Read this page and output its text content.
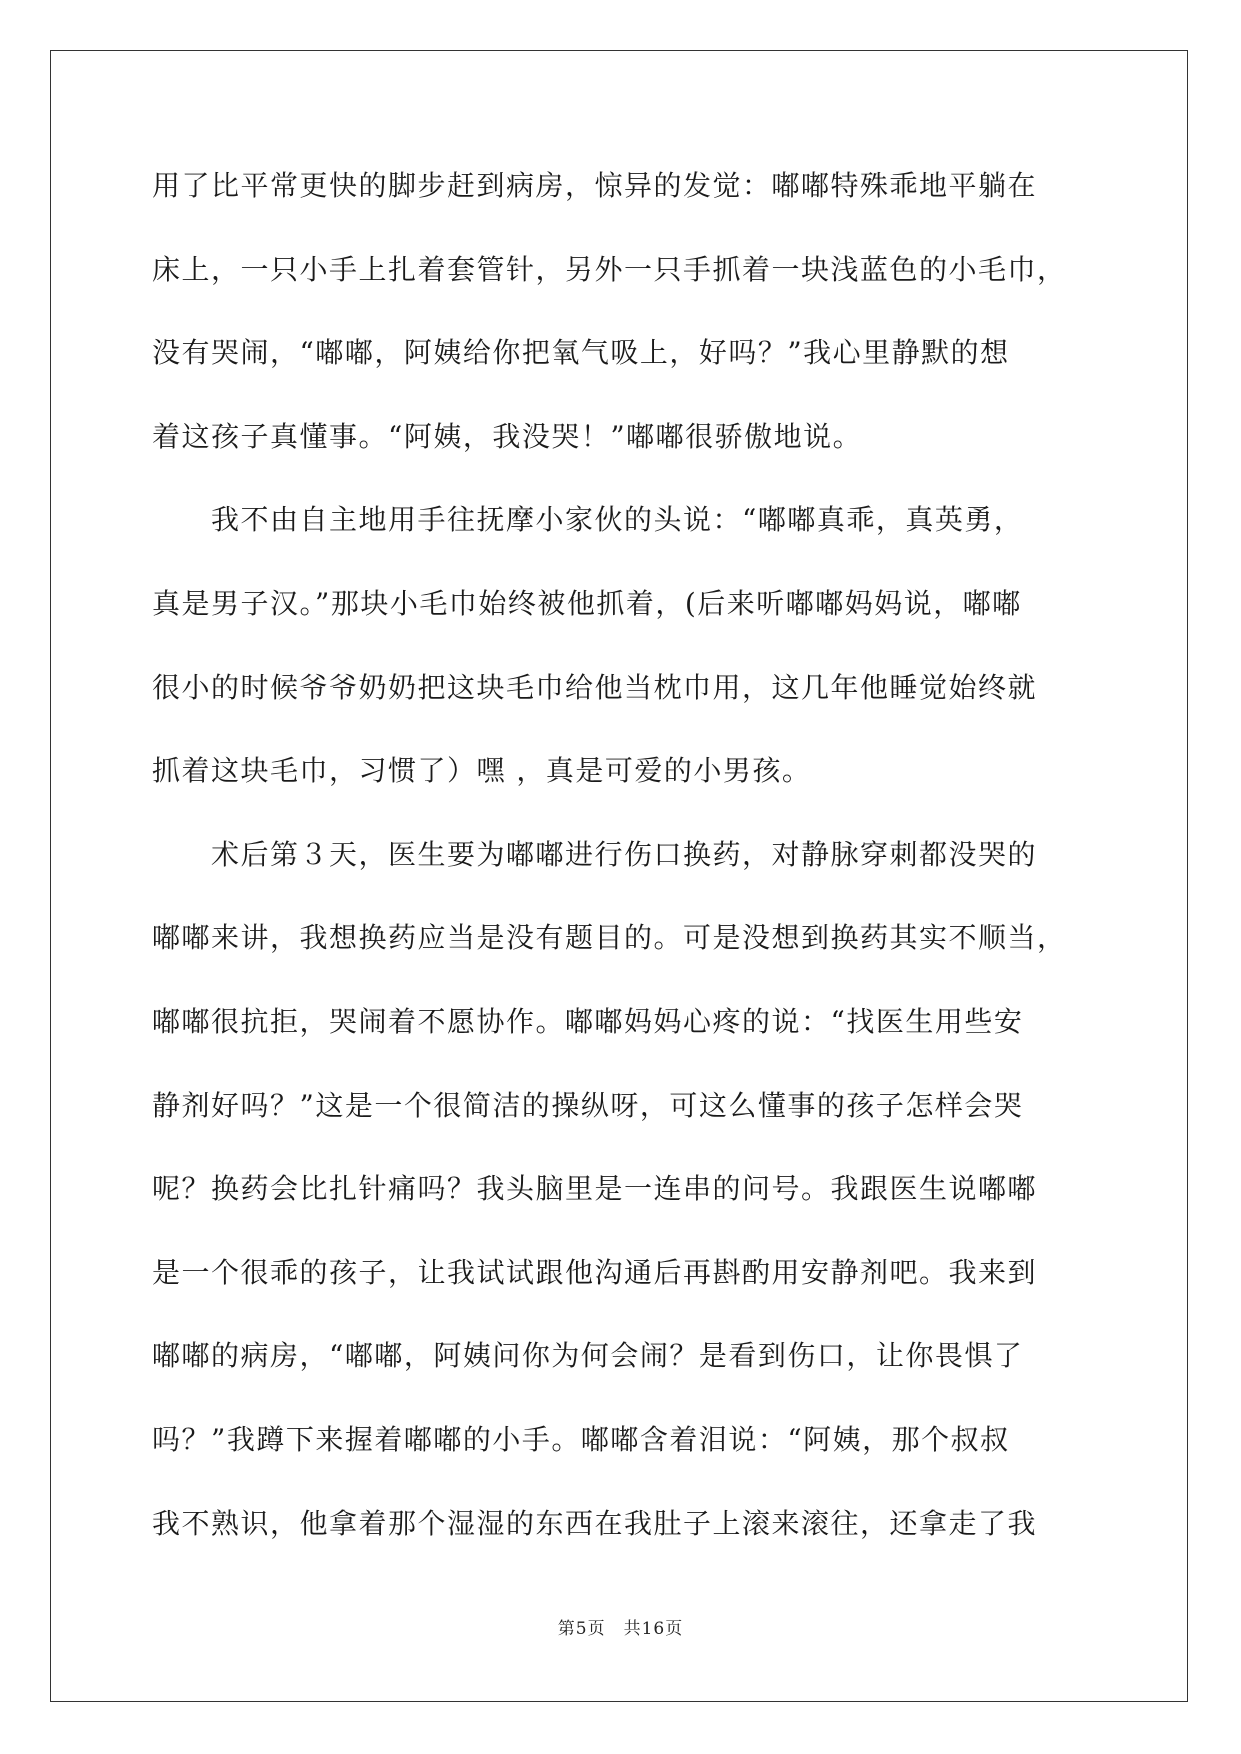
用了比平常更快的脚步赶到病房，惊异的发觉：嘟嘟特殊乖地平躺在
床上，一只小手上扎着套管针，另外一只手抓着一块浅蓝色的小毛巾，
没有哭闹，“嘟嘟，阿姨给你把氧气吸上，好吗？”我心里静默的想
着这孩子真懂事。“阿姨，我没哭！”嘟嘟很骄傲地说。
　　我不由自主地用手往抚摩小家伙的头说：“嘟嘟真乖，真英勇，
真是男子汉。”那块小毛巾始终被他抓着，(后来听嘟嘟妈妈说，嘟嘟
很小的时候爷爷奶奶把这块毛巾给他当枕巾用，这几年他睡觉始终就
抓着这块毛巾，习惯了）嘿 ，真是可爱的小男孩。
　　术后第３天，医生要为嘟嘟进行伤口换药，对静脉穿刺都没哭的
嘟嘟来讲，我想换药应当是没有题目的。可是没想到换药其实不顺当，
嘟嘟很抗拒，哭闹着不愿协作。嘟嘟妈妈心疼的说：“找医生用些安
静剂好吗？”这是一个很简洁的操纵呀，可这么懂事的孩子怎样会哭
呢？换药会比扎针痛吗？我头脑里是一连串的问号。我跟医生说嘟嘟
是一个很乖的孩子，让我试试跟他沟通后再斟酌用安静剂吧。我来到
嘟嘟的病房，“嘟嘟，阿姨问你为何会闹？是看到伤口，让你畏惧了
吗？”我蹲下来握着嘟嘟的小手。嘟嘟含着泪说：“阿姨，那个叔叔
我不熟识，他拿着那个湿湿的东西在我肚子上滚来滚往，还拿走了我
第5页　共16页
